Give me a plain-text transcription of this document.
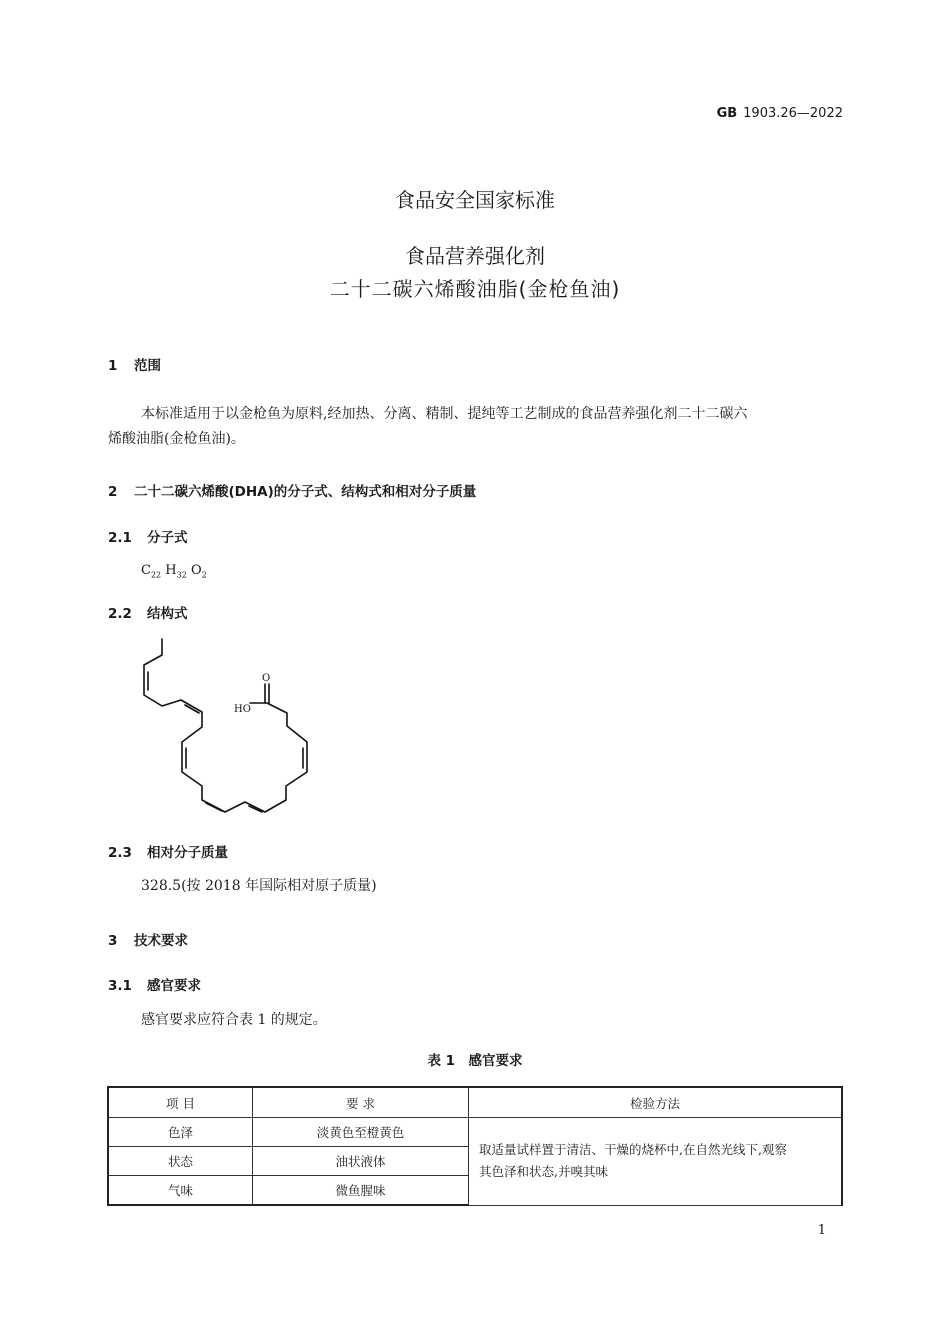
GB 1903.26—2022
食品安全国家标准
食品营养强化剂
二十二碳六烯酸油脂(金枪鱼油)
1 范围
本标准适用于以金枪鱼为原料,经加热、分离、精制、提纯等工艺制成的食品营养强化剂二十二碳六
烯酸油脂(金枪鱼油)。
2 二十二碳六烯酸(DHA)的分子式、结构式和相对分子质量
2.1 分子式
$C_{22}$ $H_{32}$ $O_2$
2.2 结构式
O
HO
2.3 相对分子质量
328.5(按 2018 年国际相对原子质量)
3 技术要求
3.1 感官要求
感官要求应符合表 1 的规定。
表 1　感官要求
项 目	要 求	检验方法
色泽	淡黄色至橙黄色	取适量试样置于清洁、干燥的烧杯中,在自然光线下,观察
其色泽和状态,并嗅其味

状态	油状液体	
气味	微鱼腥味	
1
